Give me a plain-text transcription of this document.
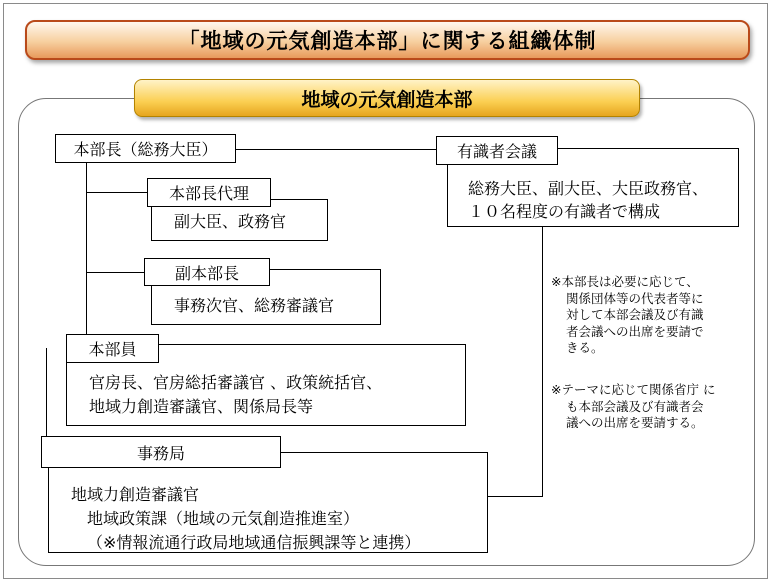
「地域の元気創造本部」に関する組織体制
地域の元気創造本部
本部長（総務大臣）
副大臣、政務官
本部長代理
事務次官、総務審議官
副本部長
官房長、官房総括審議官 、政策統括官、
地域力創造審議官、関係局長等
本部員
地域力創造審議官
地域政策課（地域の元気創造推進室）
（※情報流通行政局地域通信振興課等と連携）
事務局
総務大臣、副大臣、大臣政務官、
１０名程度の有識者で構成
有識者会議
※本部長は必要に応じて、
関係団体等の代表者等に
対して本部会議及び有識
者会議への出席を要請で
きる。
※テーマに応じて関係省庁 に
も本部会議及び有識者会
議への出席を要請する。
